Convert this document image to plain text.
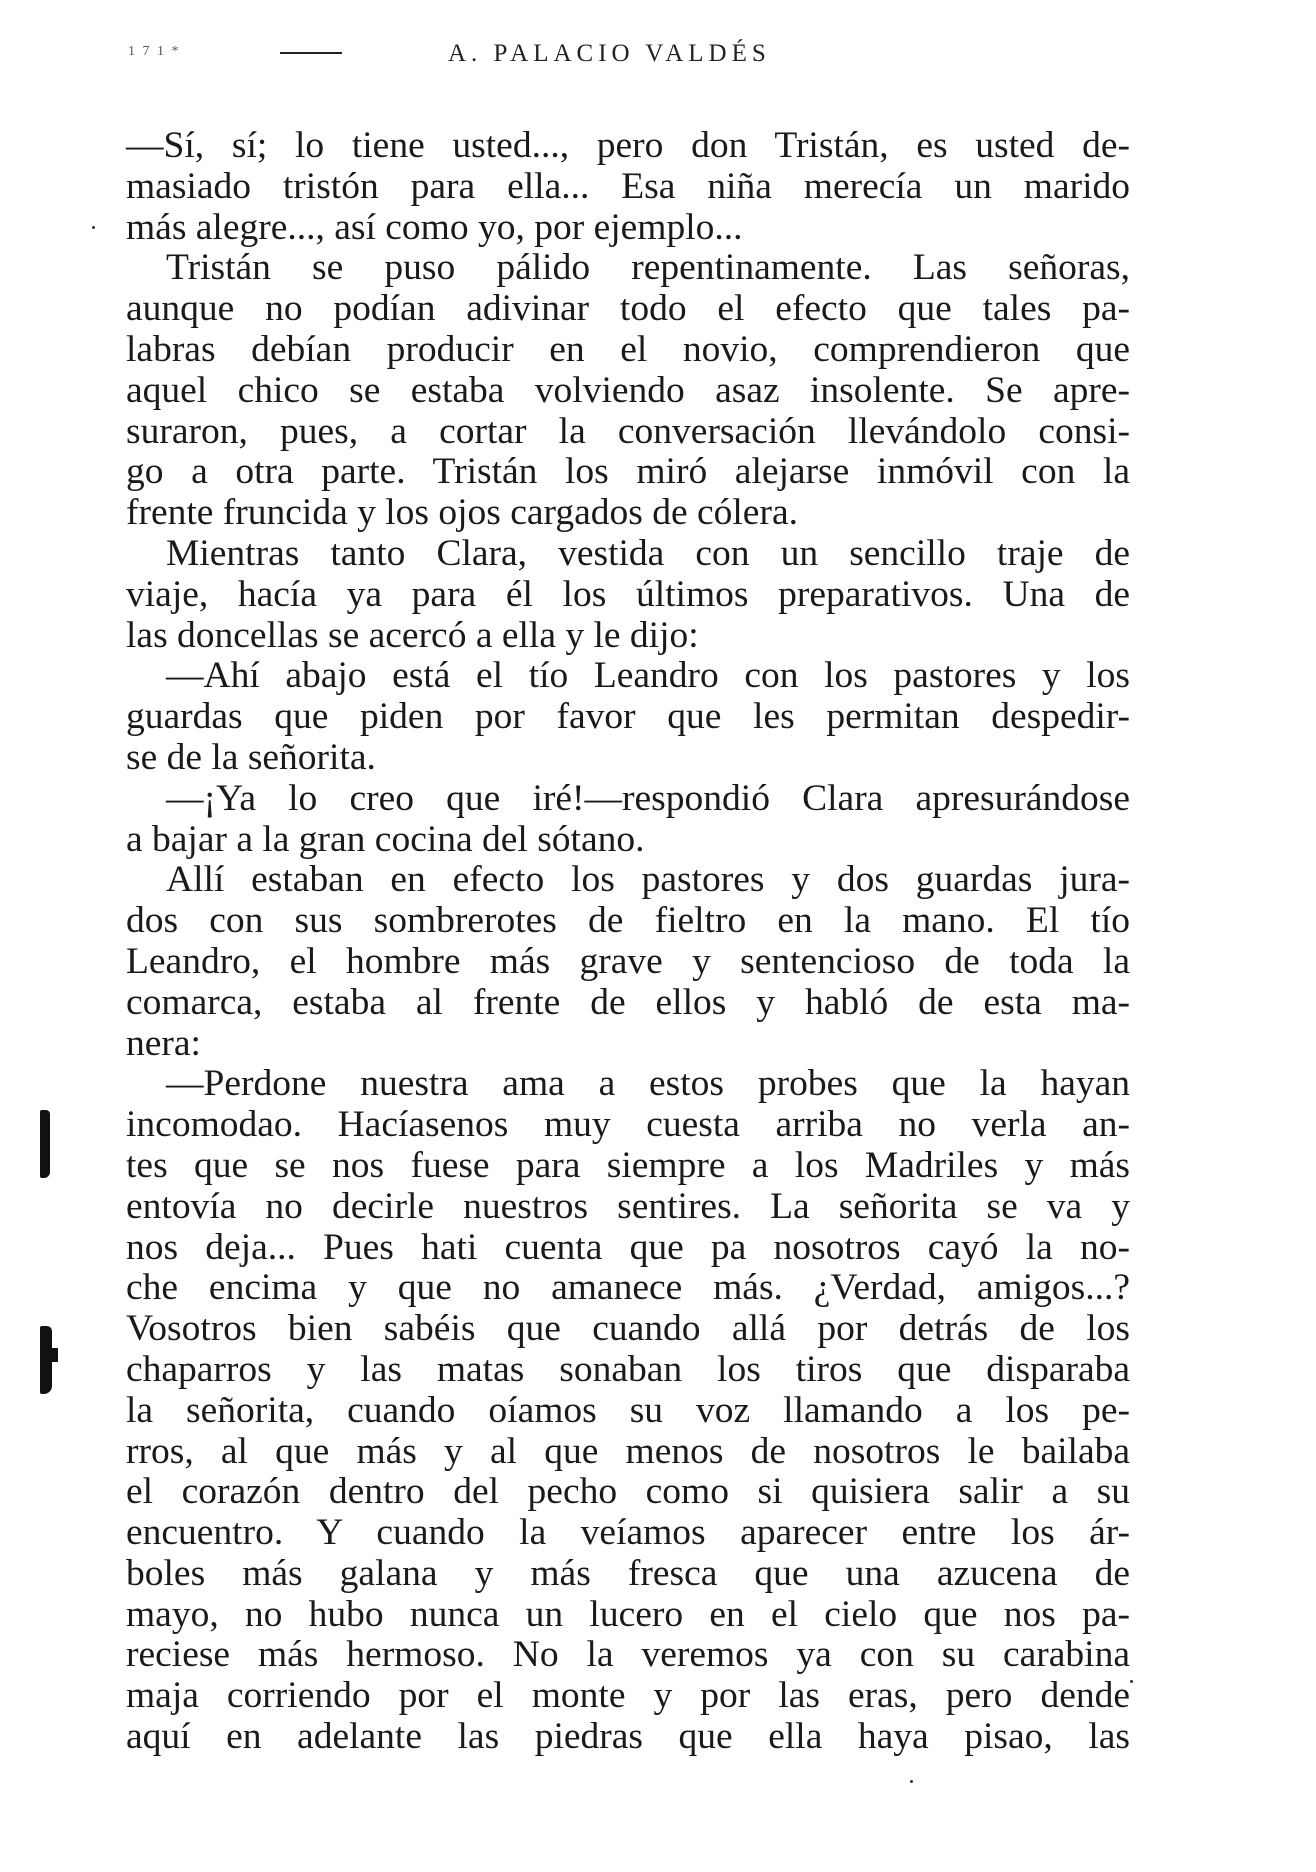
1 7 1 *	A. PALACIO VALDÉS
—Sí, sí; lo tiene usted..., pero don Tristán, es usted de-
masiado tristón para ella... Esa niña merecía un marido
más alegre..., así como yo, por ejemplo...
Tristán se puso pálido repentinamente. Las señoras,
aunque no podían adivinar todo el efecto que tales pa-
labras debían producir en el novio, comprendieron que
aquel chico se estaba volviendo asaz insolente. Se apre-
suraron, pues, a cortar la conversación llevándolo consi-
go a otra parte. Tristán los miró alejarse inmóvil con la
frente fruncida y los ojos cargados de cólera.
Mientras tanto Clara, vestida con un sencillo traje de
viaje, hacía ya para él los últimos preparativos. Una de
las doncellas se acercó a ella y le dijo:
—Ahí abajo está el tío Leandro con los pastores y los
guardas que piden por favor que les permitan despedir-
se de la señorita.
—¡Ya lo creo que iré!—respondió Clara apresurándose
a bajar a la gran cocina del sótano.
Allí estaban en efecto los pastores y dos guardas jura-
dos con sus sombrerotes de fieltro en la mano. El tío
Leandro, el hombre más grave y sentencioso de toda la
comarca, estaba al frente de ellos y habló de esta ma-
nera:
—Perdone nuestra ama a estos probes que la hayan
incomodao. Hacíasenos muy cuesta arriba no verla an-
tes que se nos fuese para siempre a los Madriles y más
entovía no decirle nuestros sentires. La señorita se va y
nos deja... Pues hati cuenta que pa nosotros cayó la no-
che encima y que no amanece más. ¿Verdad, amigos...?
Vosotros bien sabéis que cuando allá por detrás de los
chaparros y las matas sonaban los tiros que disparaba
la señorita, cuando oíamos su voz llamando a los pe-
rros, al que más y al que menos de nosotros le bailaba
el corazón dentro del pecho como si quisiera salir a su
encuentro. Y cuando la veíamos aparecer entre los ár-
boles más galana y más fresca que una azucena de
mayo, no hubo nunca un lucero en el cielo que nos pa-
reciese más hermoso. No la veremos ya con su carabina
maja corriendo por el monte y por las eras, pero dende
aquí en adelante las piedras que ella haya pisao, las
